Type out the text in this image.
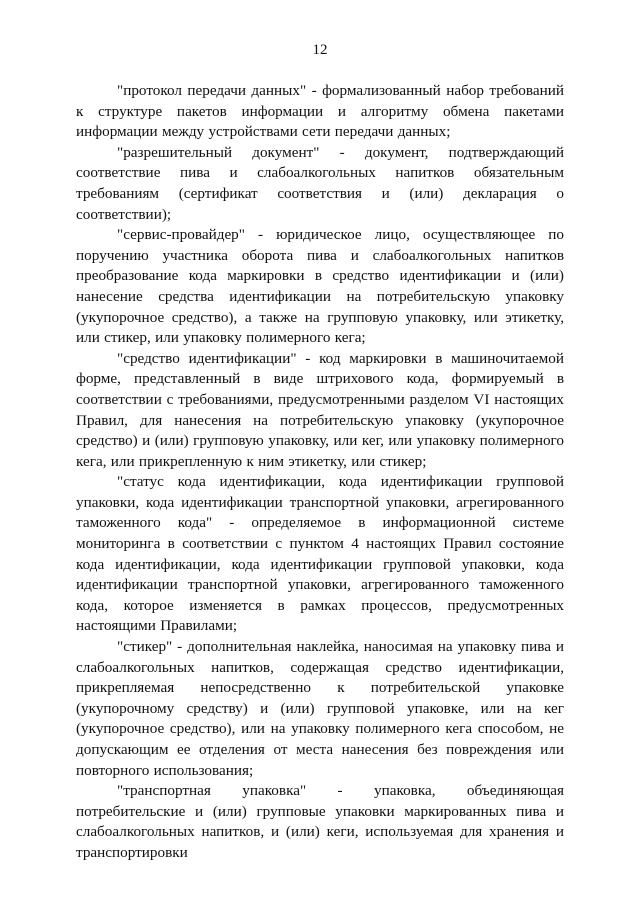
12

"протокол передачи данных" - формализованный набор требований к структуре пакетов информации и алгоритму обмена пакетами информации между устройствами сети передачи данных;

"разрешительный документ" - документ, подтверждающий соответствие пива и слабоалкогольных напитков обязательным требованиям (сертификат соответствия и (или) декларация о соответствии);

"сервис-провайдер" - юридическое лицо, осуществляющее по поручению участника оборота пива и слабоалкогольных напитков преобразование кода маркировки в средство идентификации и (или) нанесение средства идентификации на потребительскую упаковку (укупорочное средство), а также на групповую упаковку, или этикетку, или стикер, или упаковку полимерного кега;

"средство идентификации" - код маркировки в машиночитаемой форме, представленный в виде штрихового кода, формируемый в соответствии с требованиями, предусмотренными разделом VI настоящих Правил, для нанесения на потребительскую упаковку (укупорочное средство) и (или) групповую упаковку, или кег, или упаковку полимерного кега, или прикрепленную к ним этикетку, или стикер;

"статус кода идентификации, кода идентификации групповой упаковки, кода идентификации транспортной упаковки, агрегированного таможенного кода" - определяемое в информационной системе мониторинга в соответствии с пунктом 4 настоящих Правил состояние кода идентификации, кода идентификации групповой упаковки, кода идентификации транспортной упаковки, агрегированного таможенного кода, которое изменяется в рамках процессов, предусмотренных настоящими Правилами;

"стикер" - дополнительная наклейка, наносимая на упаковку пива и слабоалкогольных напитков, содержащая средство идентификации, прикрепляемая непосредственно к потребительской упаковке (укупорочному средству) и (или) групповой упаковке, или на кег (укупорочное средство), или на упаковку полимерного кега способом, не допускающим ее отделения от места нанесения без повреждения или повторного использования;

"транспортная упаковка" - упаковка, объединяющая потребительские и (или) групповые упаковки маркированных пива и слабоалкогольных напитков, и (или) кеги, используемая для хранения и транспортировки
